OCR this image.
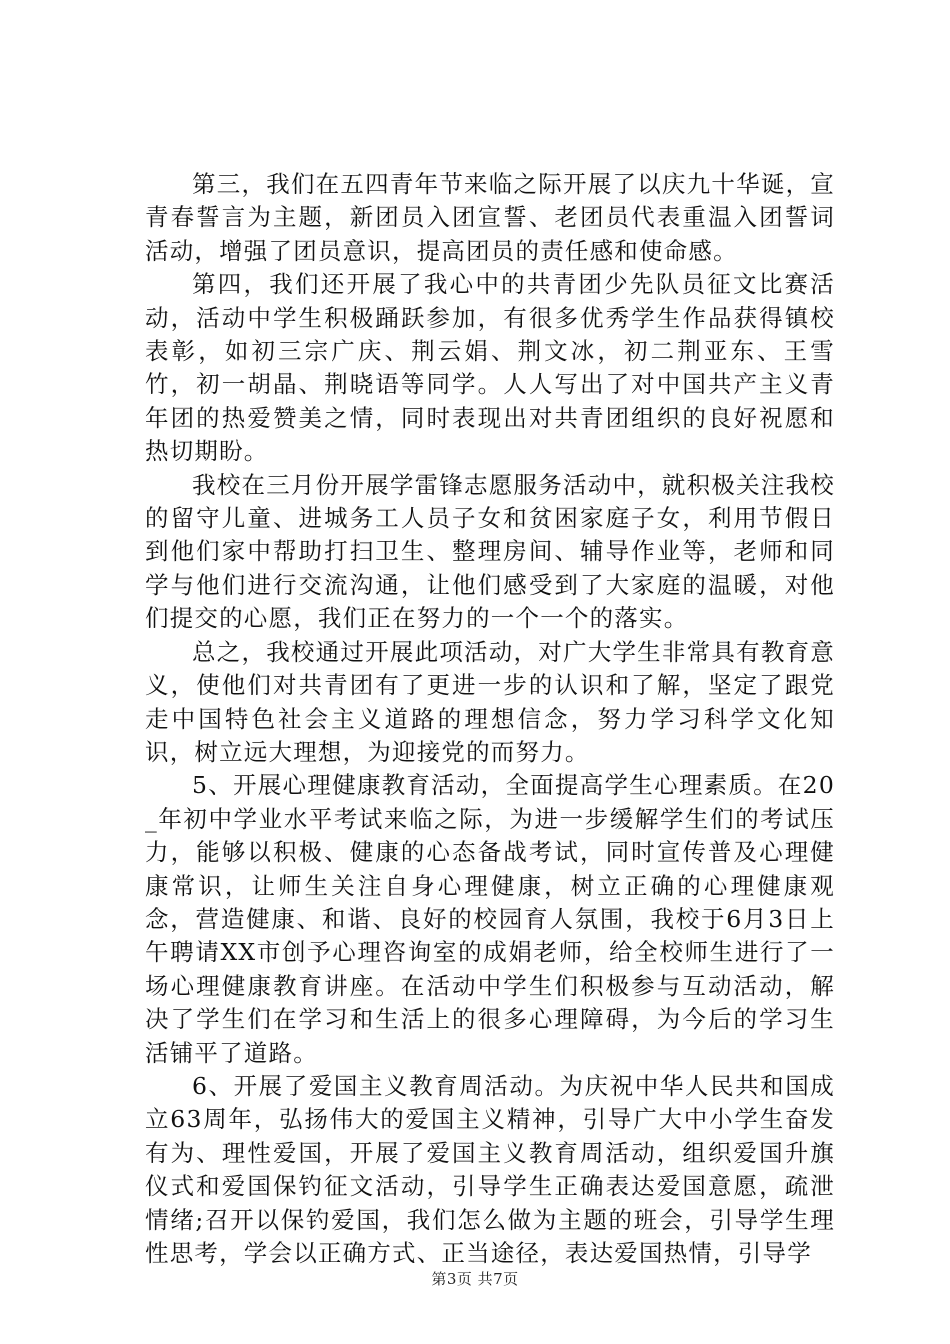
第三，我们在五四青年节来临之际开展了以庆九十华诞，宣青春誓言为主题，新团员入团宣誓、老团员代表重温入团誓词活动，增强了团员意识，提高团员的责任感和使命感。

第四，我们还开展了我心中的共青团少先队员征文比赛活动，活动中学生积极踊跃参加，有很多优秀学生作品获得镇校表彰，如初三宗广庆、荆云娟、荆文冰，初二荆亚东、王雪竹，初一胡晶、荆晓语等同学。人人写出了对中国共产主义青年团的热爱赞美之情，同时表现出对共青团组织的良好祝愿和热切期盼。

我校在三月份开展学雷锋志愿服务活动中，就积极关注我校的留守儿童、进城务工人员子女和贫困家庭子女，利用节假日到他们家中帮助打扫卫生、整理房间、辅导作业等，老师和同学与他们进行交流沟通，让他们感受到了大家庭的温暖，对他们提交的心愿，我们正在努力的一个一个的落实。

总之，我校通过开展此项活动，对广大学生非常具有教育意义，使他们对共青团有了更进一步的认识和了解，坚定了跟党走中国特色社会主义道路的理想信念，努力学习科学文化知识，树立远大理想，为迎接党的而努力。

5、开展心理健康教育活动，全面提高学生心理素质。在20_年初中学业水平考试来临之际，为进一步缓解学生们的考试压力，能够以积极、健康的心态备战考试，同时宣传普及心理健康常识，让师生关注自身心理健康，树立正确的心理健康观念，营造健康、和谐、良好的校园育人氛围，我校于6月3日上午聘请XX市创予心理咨询室的成娟老师，给全校师生进行了一场心理健康教育讲座。在活动中学生们积极参与互动活动，解决了学生们在学习和生活上的很多心理障碍，为今后的学习生活铺平了道路。

6、开展了爱国主义教育周活动。为庆祝中华人民共和国成立63周年，弘扬伟大的爱国主义精神，引导广大中小学生奋发有为、理性爱国，开展了爱国主义教育周活动，组织爱国升旗仪式和爱国保钓征文活动，引导学生正确表达爱国意愿，疏泄情绪;召开以保钓爱国，我们怎么做为主题的班会，引导学生理性思考，学会以正确方式、正当途径，表达爱国热情，引导学

第3页 共7页
